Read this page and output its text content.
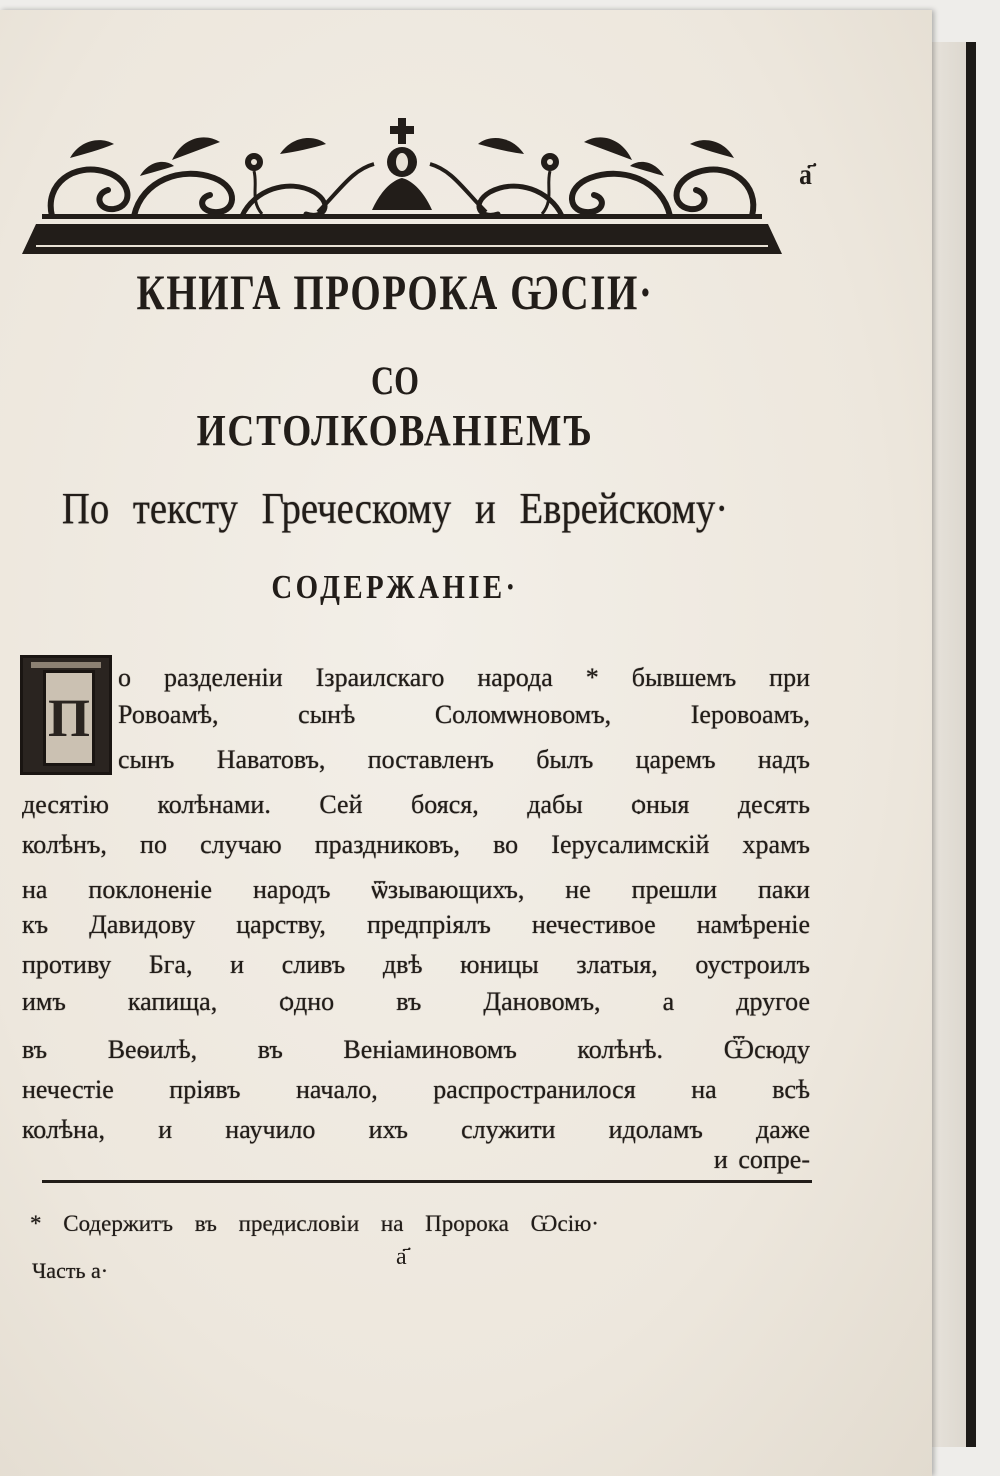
а҃
КНИГА ПРОРОКА ѠСІИ·
СО
ИСТОЛКОВАНІЕМЪ
По тексту Греческому и Еврейскому·
СОДЕРЖАНІЕ·
П
о разделеніи Ізраилскаго народа * бывшемъ при
Ровоамѣ, сынѣ Соломѡновомъ, Іеровоамъ,
сынъ Наватовъ, поставленъ былъ царемъ надъ
десятію колѣнами. Сей бояся, дабы ѻныя десять
колѣнъ, по случаю праздниковъ, во Іерусалимскій храмъ
на поклоненіе народъ ѿзывающихъ, не прешли паки
къ Давидову царству, предпріялъ нечестивое намѣреніе
противу Бга, и сливъ двѣ юницы златыя, оустроилъ
имъ капища, ѻдно въ Дановомъ, а другое
въ Веѳилѣ, въ Веніаминовомъ колѣнѣ. Ѿсюду
нечестіе пріявъ начало, распространилося на всѣ
колѣна, и научило ихъ служити идоламъ даже
и сопре-
* Содержитъ въ предисловіи на Пророка Ѡсію·
Часть а·
а҃
